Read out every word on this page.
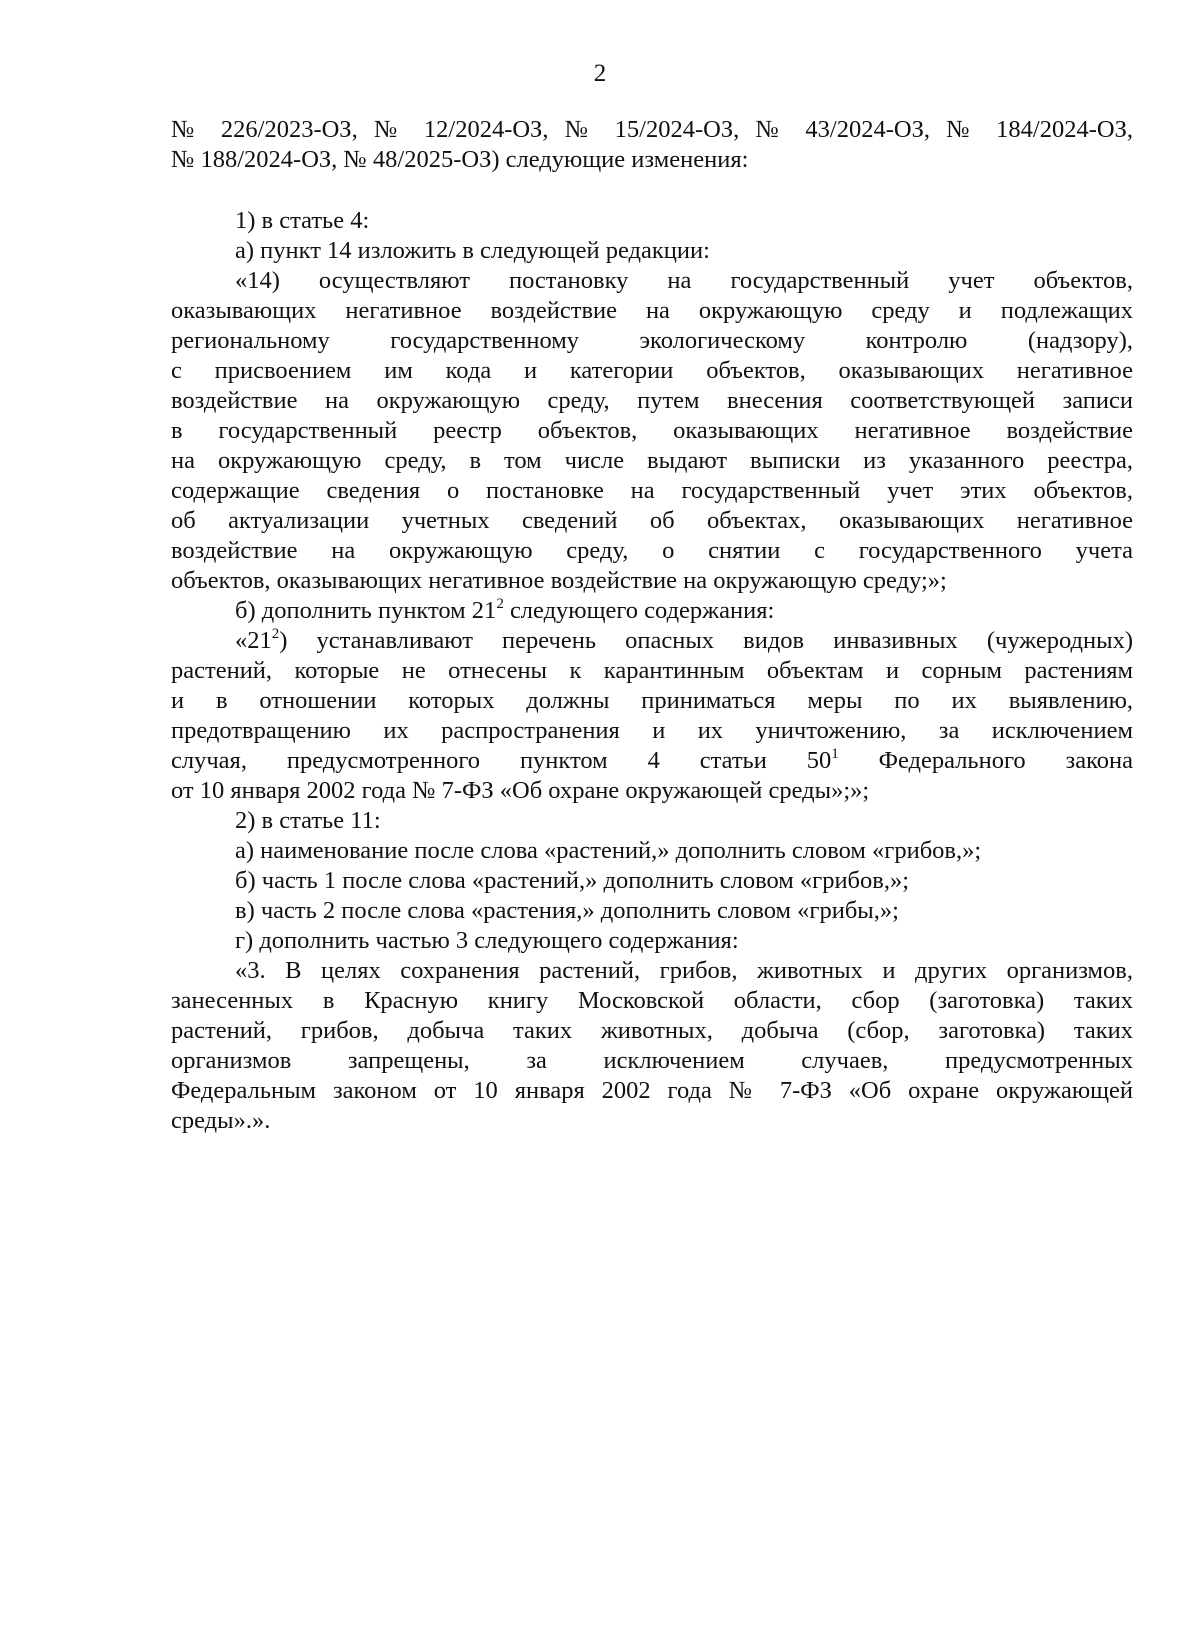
2

№ 226/2023-ОЗ, № 12/2024-ОЗ, № 15/2024-ОЗ, № 43/2024-ОЗ, № 184/2024-ОЗ,

№ 188/2024-ОЗ, № 48/2025-ОЗ) следующие изменения:

1) в статье 4:

а) пункт 14 изложить в следующей редакции:

«14) осуществляют постановку на государственный учет объектов,

оказывающих негативное воздействие на окружающую среду и подлежащих

региональному государственному экологическому контролю (надзору),

с присвоением им кода и категории объектов, оказывающих негативное

воздействие на окружающую среду, путем внесения соответствующей записи

в государственный реестр объектов, оказывающих негативное воздействие

на окружающую среду, в том числе выдают выписки из указанного реестра,

содержащие сведения о постановке на государственный учет этих объектов,

об актуализации учетных сведений об объектах, оказывающих негативное

воздействие на окружающую среду, о снятии с государственного учета

объектов, оказывающих негативное воздействие на окружающую среду;»;

б) дополнить пунктом $21^2$ следующего содержания:

«$21^2$) устанавливают перечень опасных видов инвазивных (чужеродных)

растений, которые не отнесены к карантинным объектам и сорным растениям

и в отношении которых должны приниматься меры по их выявлению,

предотвращению их распространения и их уничтожению, за исключением

случая, предусмотренного пунктом 4 статьи $50^1$ Федерального закона

от 10 января 2002 года № 7-ФЗ «Об охране окружающей среды»;»;

2) в статье 11:

а) наименование после слова «растений,» дополнить словом «грибов,»;

б) часть 1 после слова «растений,» дополнить словом «грибов,»;

в) часть 2 после слова «растения,» дополнить словом «грибы,»;

г) дополнить частью 3 следующего содержания:

«3. В целях сохранения растений, грибов, животных и других организмов,

занесенных в Красную книгу Московской области, сбор (заготовка) таких

растений, грибов, добыча таких животных, добыча (сбор, заготовка) таких

организмов запрещены, за исключением случаев, предусмотренных

Федеральным законом от 10 января 2002 года № 7-ФЗ «Об охране окружающей

среды».».
